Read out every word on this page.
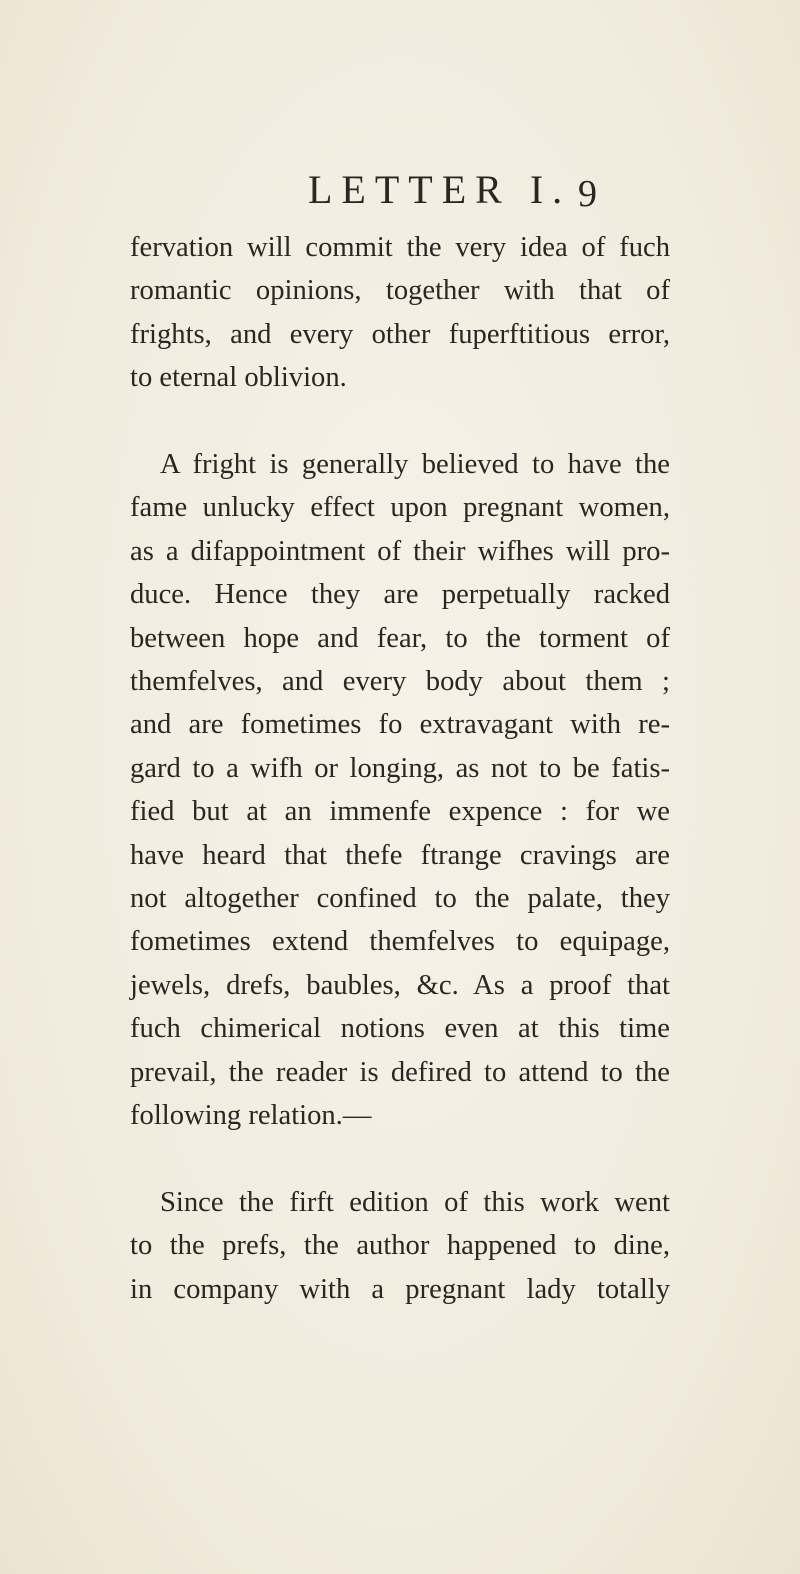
LETTER I. 9

fervation will commit the very idea of fuch
romantic opinions, together with that of
frights, and every other fuperftitious error,
to eternal oblivion.

A fright is generally believed to have the
fame unlucky effect upon pregnant women,
as a difappointment of their wifhes will pro-
duce. Hence they are perpetually racked
between hope and fear, to the torment of
themfelves, and every body about them ;
and are fometimes fo extravagant with re-
gard to a wifh or longing, as not to be fatis-
fied but at an immenfe expence : for we
have heard that thefe ftrange cravings are
not altogether confined to the palate, they
fometimes extend themfelves to equipage,
jewels, drefs, baubles, &c. As a proof that
fuch chimerical notions even at this time
prevail, the reader is defired to attend to the
following relation.—

Since the firft edition of this work went
to the prefs, the author happened to dine,
in company with a pregnant lady totally
